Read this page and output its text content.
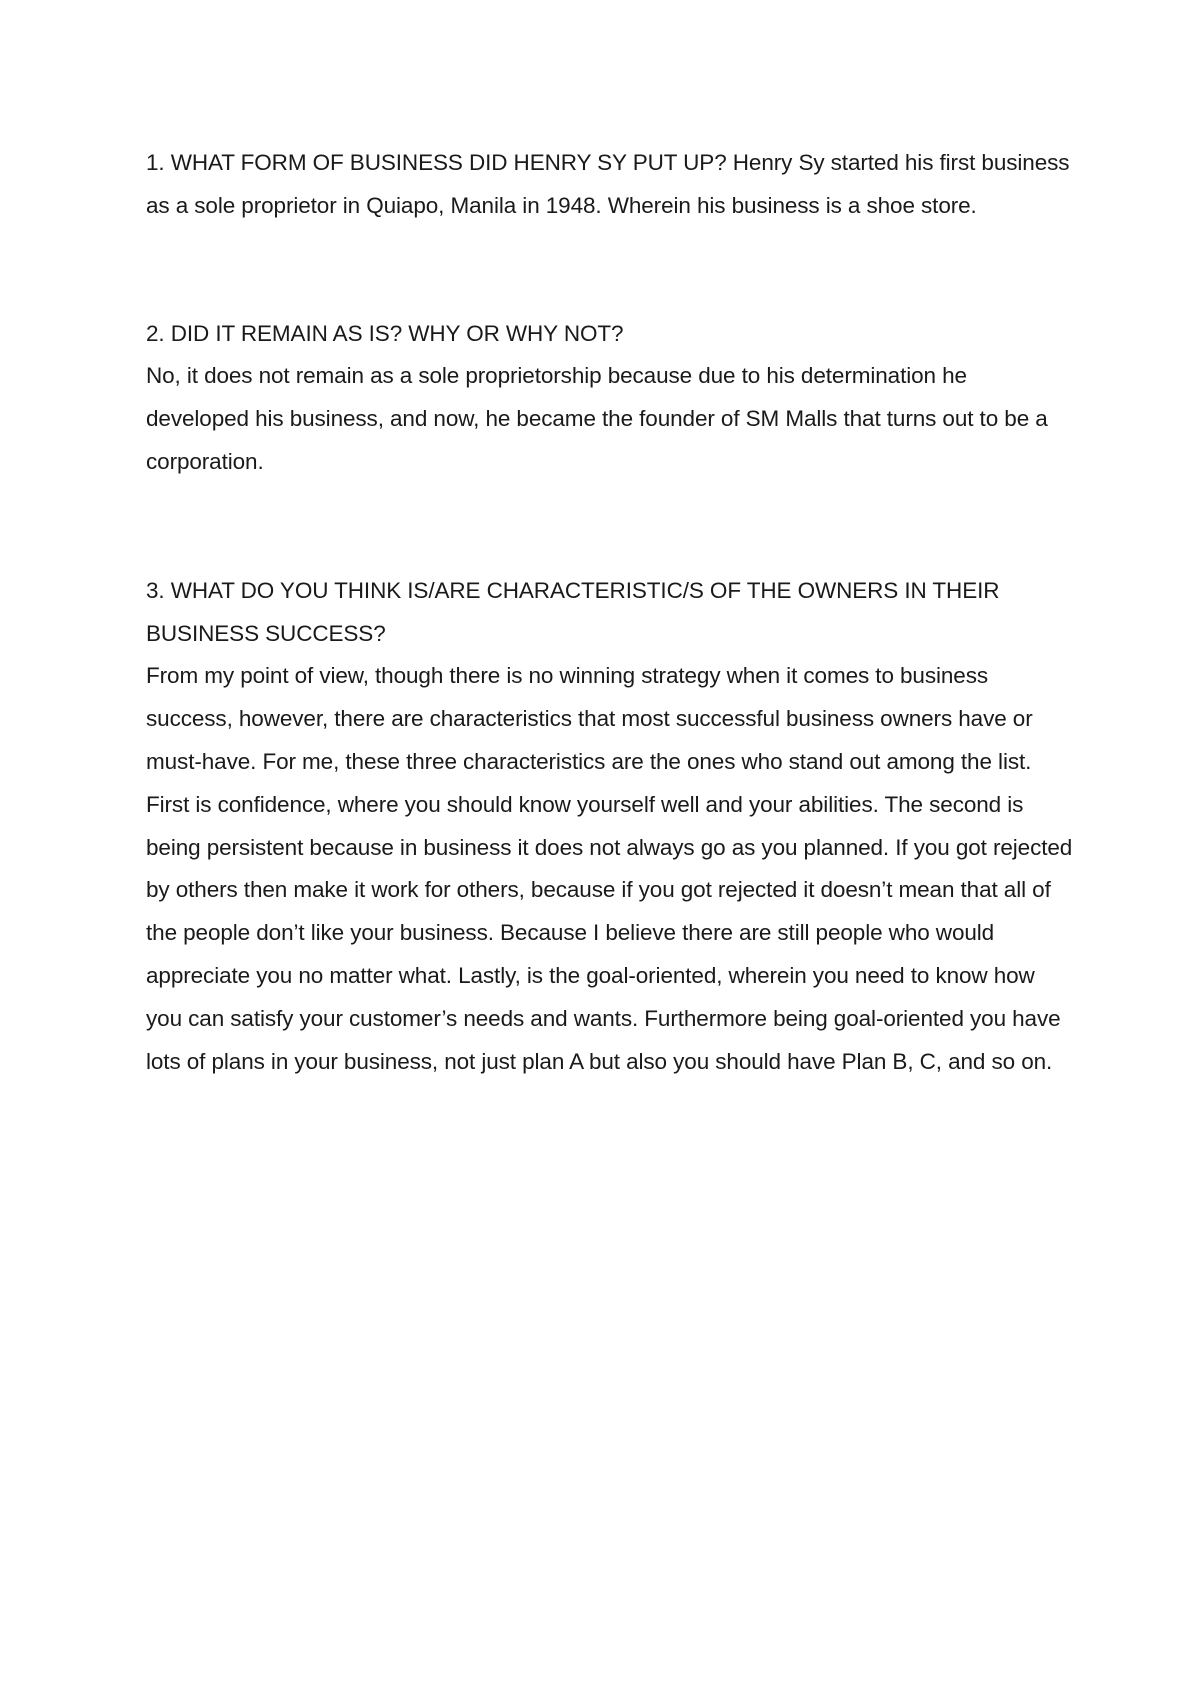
1. WHAT FORM OF BUSINESS DID HENRY SY PUT UP? Henry Sy started his first business as a sole proprietor in Quiapo, Manila in 1948. Wherein his business is a shoe store.

2. DID IT REMAIN AS IS? WHY OR WHY NOT?

No, it does not remain as a sole proprietorship because due to his determination he developed his business, and now, he became the founder of SM Malls that turns out to be a corporation.

3. WHAT DO YOU THINK IS/ARE CHARACTERISTIC/S OF THE OWNERS IN THEIR BUSINESS SUCCESS?

From my point of view, though there is no winning strategy when it comes to business success, however, there are characteristics that most successful business owners have or must-have. For me, these three characteristics are the ones who stand out among the list. First is confidence, where you should know yourself well and your abilities. The second is being persistent because in business it does not always go as you planned. If you got rejected by others then make it work for others, because if you got rejected it doesn’t mean that all of the people don’t like your business. Because I believe there are still people who would appreciate you no matter what. Lastly, is the goal-oriented, wherein you need to know how you can satisfy your customer’s needs and wants. Furthermore being goal-oriented you have lots of plans in your business, not just plan A but also you should have Plan B, C, and so on.
